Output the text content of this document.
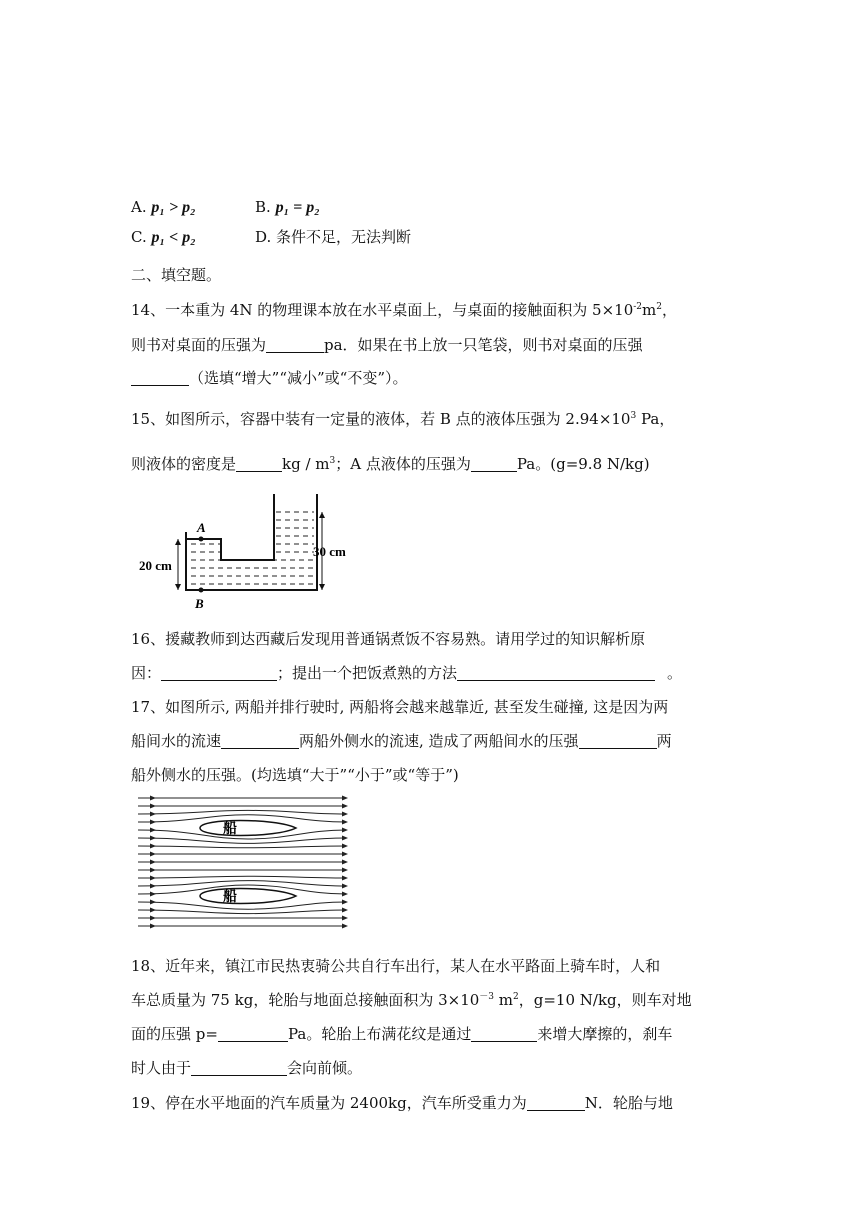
A. p₁ > p₂	B. p₁ = p₂
C. p₁ < p₂	D. 条件不足，无法判断
二、填空题。
14、一本重为 4N 的物理课本放在水平桌面上，与桌面的接触面积为 $5\times 10^{-2}m^2$，
则书对桌面的压强为	pa．如果在书上放一只笔袋，则书对桌面的压强
（选填“增大”“减小”或“不变”）。
15、如图所示，容器中装有一定量的液体，若 B 点的液体压强为 $2.94\times 10^3$ Pa，
则液体的密度是	kg / $m^3$；A 点液体的压强为	Pa。(g=9.8 N/kg)
A
B
20 cm
30 cm
16、援藏教师到达西藏后发现用普通锅煮饭不容易熟。请用学过的知识解析原
因：	；提出一个把饭煮熟的方法	。
17、如图所示, 两船并排行驶时, 两船将会越来越靠近, 甚至发生碰撞, 这是因为两
船间水的流速	两船外侧水的流速, 造成了两船间水的压强	两
船外侧水的压强。(均选填“大于”“小于”或“等于”)
船
船
18、近年来，镇江市民热衷骑公共自行车出行，某人在水平路面上骑车时，人和
车总质量为 75 kg，轮胎与地面总接触面积为 $3\times 10^{-3}$ $m^2$，g=10 N/kg，则车对地
面的压强 p=	Pa。轮胎上布满花纹是通过	来增大摩擦的，刹车
时人由于	会向前倾。
19、停在水平地面的汽车质量为 2400kg，汽车所受重力为	N．轮胎与地
